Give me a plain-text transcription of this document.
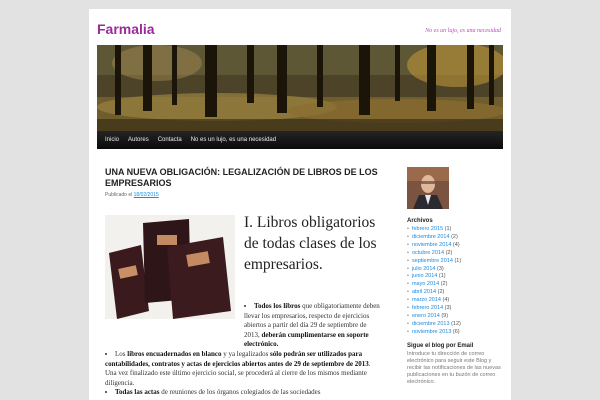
Farmalia	No es un lujo, es una necesidad
Inicio Autores Contacta No es un lujo, es una necesidad
UNA NUEVA OBLIGACIÓN: LEGALIZACIÓN DE LIBROS DE LOS EMPRESARIOS
Publicado el 18/02/2015
I. Libros obligatorios de todas clases de los empresarios.
• Todos los libros que obligatoriamente deben llevar los empresarios, respecto de ejercicios abiertos a partir del día 29 de septiembre de 2013, deberán cumplimentarse en soporte electrónico.
• Los libros encuadernados en blanco y ya legalizados sólo podrán ser utilizados para contabilidades, contratos y actas de ejercicios abiertos antes de 29 de septiembre de 2013. Una vez finalizado este último ejercicio social, se procederá al cierre de los mismos mediante diligencia.
• Todas las actas de reuniones de los órganos colegiados de las sociedades
Archivos
• febrero 2015 (1)
• diciembre 2014 (2)
• noviembre 2014 (4)
• octubre 2014 (2)
• septiembre 2014 (1)
• julio 2014 (3)
• junio 2014 (1)
• mayo 2014 (2)
• abril 2014 (2)
• marzo 2014 (4)
• febrero 2014 (3)
• enero 2014 (9)
• diciembre 2013 (12)
• noviembre 2013 (6)
Sigue el blog por Email
Introduce tu dirección de correo electrónico para seguir este Blog y recibir las notificaciones de las nuevas publicaciones en tu buzón de correo electrónico.
